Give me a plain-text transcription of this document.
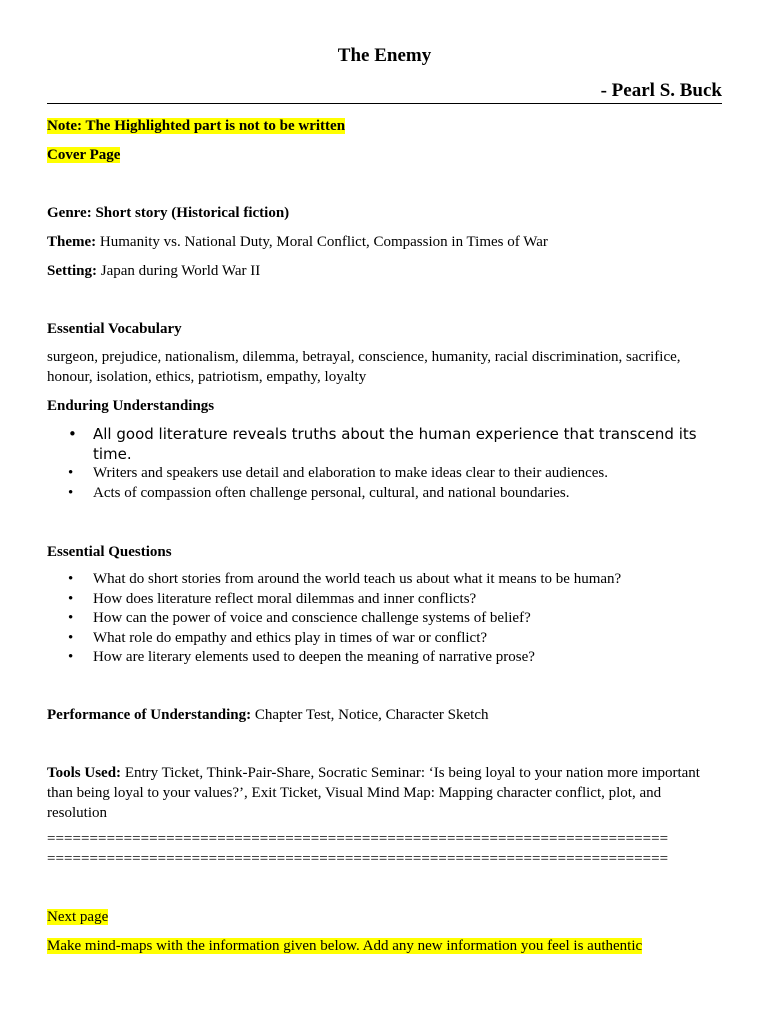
The Enemy
- Pearl S. Buck
Note: The Highlighted part is not to be written
Cover Page
Genre: Short story (Historical fiction)
Theme: Humanity vs. National Duty, Moral Conflict, Compassion in Times of War
Setting: Japan during World War II
Essential Vocabulary
surgeon, prejudice, nationalism, dilemma, betrayal, conscience, humanity, racial discrimination, sacrifice, honour, isolation, ethics, patriotism, empathy, loyalty
Enduring Understandings
• All good literature reveals truths about the human experience that transcend its time.
• Writers and speakers use detail and elaboration to make ideas clear to their audiences.
• Acts of compassion often challenge personal, cultural, and national boundaries.
Essential Questions
• What do short stories from around the world teach us about what it means to be human?
• How does literature reflect moral dilemmas and inner conflicts?
• How can the power of voice and conscience challenge systems of belief?
• What role do empathy and ethics play in times of war or conflict?
• How are literary elements used to deepen the meaning of narrative prose?
Performance of Understanding: Chapter Test, Notice, Character Sketch
Tools Used: Entry Ticket, Think-Pair-Share, Socratic Seminar: ‘Is being loyal to your nation more important than being loyal to your values?’, Exit Ticket, Visual Mind Map: Mapping character conflict, plot, and resolution
=========================================================================
=========================================================================
Next page
Make mind-maps with the information given below. Add any new information you feel is authentic
